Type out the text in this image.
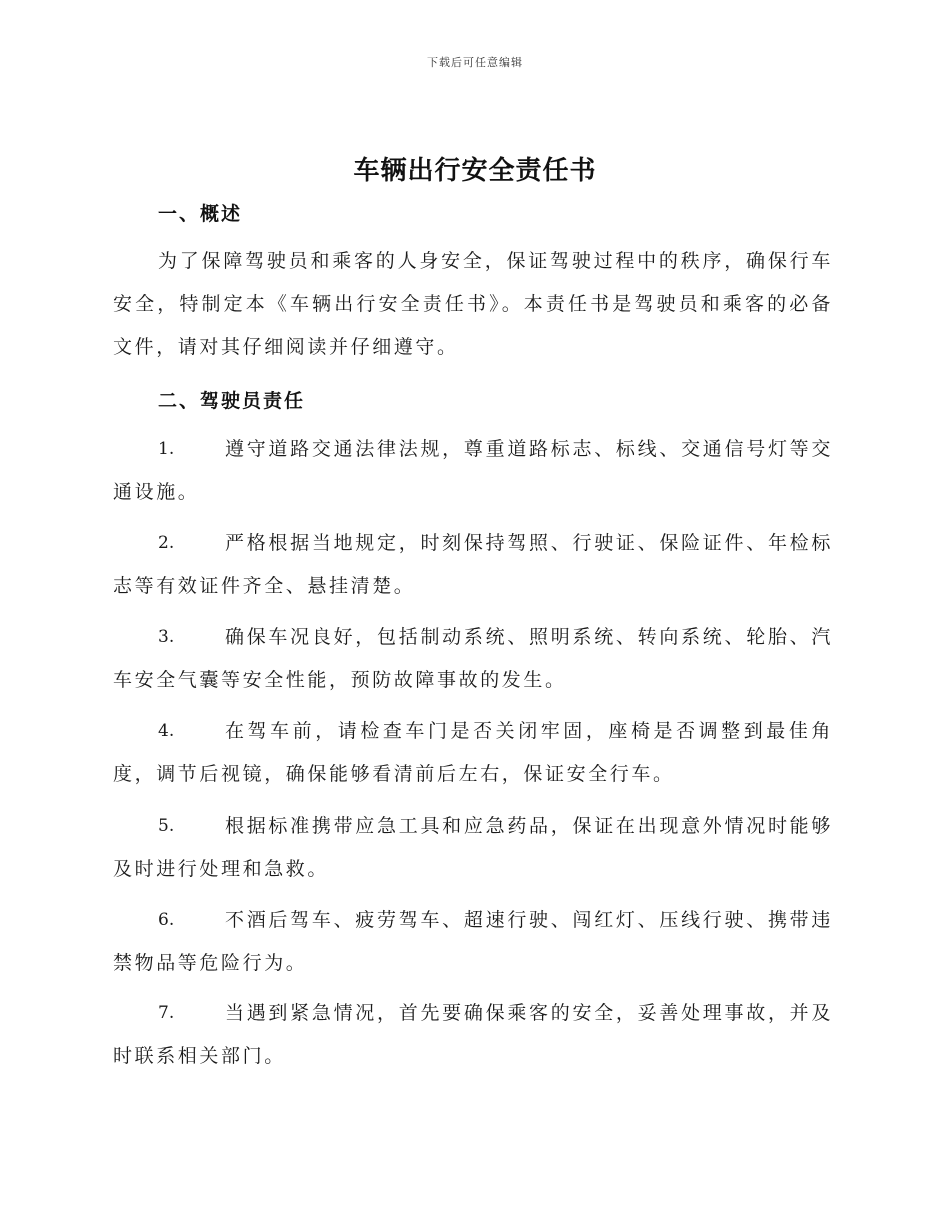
下载后可任意编辑
车辆出行安全责任书
一、概述

为了保障驾驶员和乘客的人身安全，保证驾驶过程中的秩序，确保行车安全，特制定本《车辆出行安全责任书》。本责任书是驾驶员和乘客的必备文件，请对其仔细阅读并仔细遵守。

二、驾驶员责任
1.	遵守道路交通法律法规，尊重道路标志、标线、交通信号灯等交通设施。
2.	严格根据当地规定，时刻保持驾照、行驶证、保险证件、年检标志等有效证件齐全、悬挂清楚。
3.	确保车况良好，包括制动系统、照明系统、转向系统、轮胎、汽车安全气囊等安全性能，预防故障事故的发生。
4.	在驾车前，请检查车门是否关闭牢固，座椅是否调整到最佳角度，调节后视镜，确保能够看清前后左右，保证安全行车。
5.	根据标准携带应急工具和应急药品，保证在出现意外情况时能够及时进行处理和急救。
6.	不酒后驾车、疲劳驾车、超速行驶、闯红灯、压线行驶、携带违禁物品等危险行为。
7.	当遇到紧急情况，首先要确保乘客的安全，妥善处理事故，并及时联系相关部门。
